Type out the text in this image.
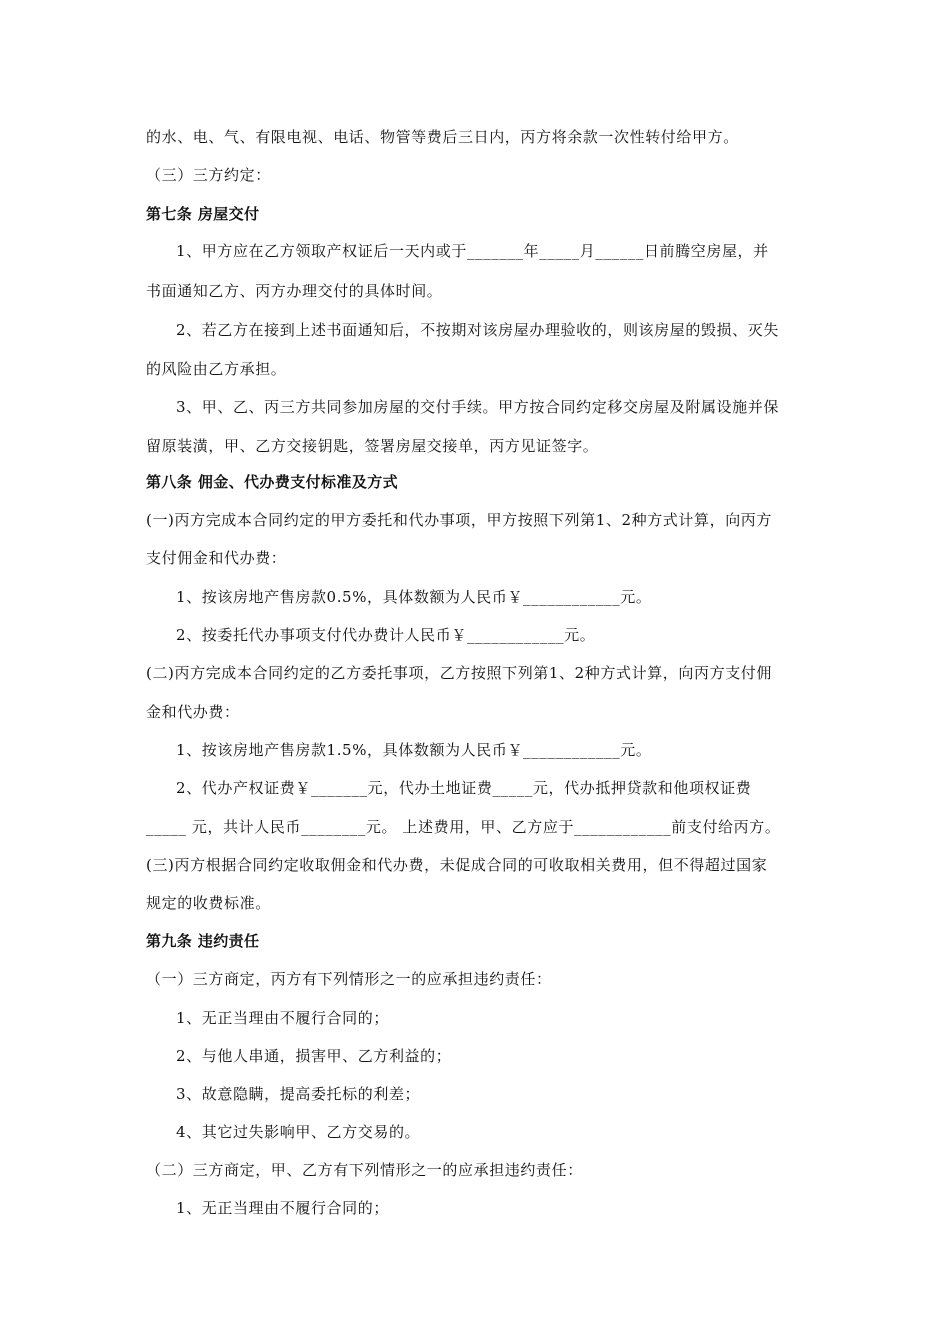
的水、电、气、有限电视、电话、物管等费后三日内，丙方将余款一次性转付给甲方。
（三）三方约定：
第七条 房屋交付
1、甲方应在乙方领取产权证后一天内或于_______年_____月______日前腾空房屋，并
书面通知乙方、丙方办理交付的具体时间。
2、若乙方在接到上述书面通知后，不按期对该房屋办理验收的，则该房屋的毁损、灭失
的风险由乙方承担。
3、甲、乙、丙三方共同参加房屋的交付手续。甲方按合同约定移交房屋及附属设施并保
留原装潢，甲、乙方交接钥匙，签署房屋交接单，丙方见证签字。
第八条 佣金、代办费支付标准及方式
(一)丙方完成本合同约定的甲方委托和代办事项，甲方按照下列第1、2种方式计算，向丙方
支付佣金和代办费：
1、按该房地产售房款0.5%，具体数额为人民币￥____________元。
2、按委托代办事项支付代办费计人民币￥____________元。
(二)丙方完成本合同约定的乙方委托事项，乙方按照下列第1、2种方式计算，向丙方支付佣
金和代办费：
1、按该房地产售房款1.5%，具体数额为人民币￥____________元。
2、代办产权证费￥_______元，代办土地证费_____元，代办抵押贷款和他项权证费
_____ 元，共计人民币________元。 上述费用，甲、乙方应于____________前支付给丙方。
(三)丙方根据合同约定收取佣金和代办费，未促成合同的可收取相关费用，但不得超过国家
规定的收费标准。
第九条 违约责任
（一）三方商定，丙方有下列情形之一的应承担违约责任：
1、无正当理由不履行合同的；
2、与他人串通，损害甲、乙方利益的；
3、故意隐瞒，提高委托标的利差；
4、其它过失影响甲、乙方交易的。
（二）三方商定，甲、乙方有下列情形之一的应承担违约责任：
1、无正当理由不履行合同的；
